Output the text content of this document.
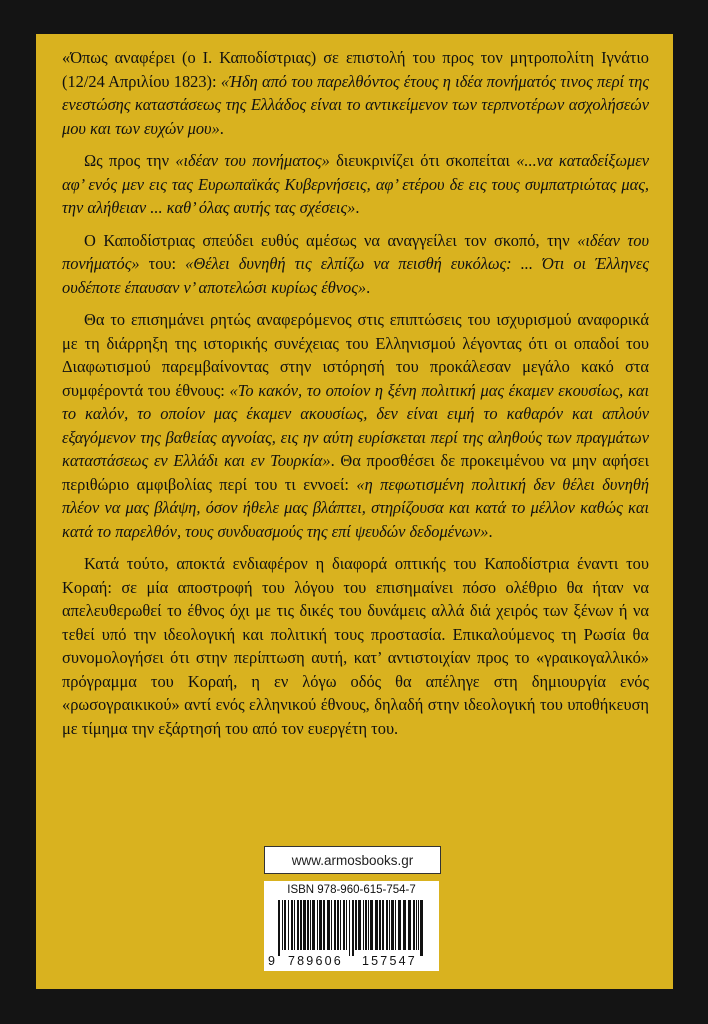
«Όπως αναφέρει (ο Ι. Καποδίστριας) σε επιστολή του προς τον μητροπολίτη Ιγνάτιο (12/24 Απριλίου 1823): «Ήδη από του παρελθόντος έτους η ιδέα πονήματός τινος περί της ενεστώσης καταστάσεως της Ελλάδος είναι το αντικείμενον των τερπνοτέρων ασχολήσεών μου και των ευχών μου».

Ως προς την «ιδέαν του πονήματος» διευκρινίζει ότι σκοπείται «...να καταδείξωμεν αφ’ ενός μεν εις τας Ευρωπαϊκάς Κυβερνήσεις, αφ’ ετέρου δε εις τους συμπατριώτας μας, την αλήθειαν ... καθ’ όλας αυτής τας σχέσεις».

Ο Καποδίστριας σπεύδει ευθύς αμέσως να αναγγείλει τον σκοπό, την «ιδέαν του πονήματός» του: «Θέλει δυνηθή τις ελπίζω να πεισθή ευκόλως: ... Ότι οι Έλληνες ουδέποτε έπαυσαν ν’ αποτελώσι κυρίως έθνος».

Θα το επισημάνει ρητώς αναφερόμενος στις επιπτώσεις του ισχυρισμού αναφορικά με τη διάρρηξη της ιστορικής συνέχειας του Ελληνισμού λέγοντας ότι οι οπαδοί του Διαφωτισμού παρεμβαίνοντας στην ιστόρησή του προκάλεσαν μεγάλο κακό στα συμφέροντά του έθνους: «Το κακόν, το οποίον η ξένη πολιτική μας έκαμεν εκουσίως, και το καλόν, το οποίον μας έκαμεν ακουσίως, δεν είναι ειμή το καθαρόν και απλούν εξαγόμενον της βαθείας αγνοίας, εις ην αύτη ευρίσκεται περί της αληθούς των πραγμάτων καταστάσεως εν Ελλάδι και εν Τουρκία». Θα προσθέσει δε προκειμένου να μην αφήσει περιθώριο αμφιβολίας περί του τι εννοεί: «η πεφωτισμένη πολιτική δεν θέλει δυνηθή πλέον να μας βλάψη, όσον ήθελε μας βλάπτει, στηρίζουσα και κατά το μέλλον καθώς και κατά το παρελθόν, τους συνδυασμούς της επί ψευδών δεδομένων».

Κατά τούτο, αποκτά ενδιαφέρον η διαφορά οπτικής του Καποδίστρια έναντι του Κοραή: σε μία αποστροφή του λόγου του επισημαίνει πόσο ολέθριο θα ήταν να απελευθερωθεί το έθνος όχι με τις δικές του δυνάμεις αλλά διά χειρός των ξένων ή να τεθεί υπό την ιδεολογική και πολιτική τους προστασία. Επικαλούμενος τη Ρωσία θα συνομολογήσει ότι στην περίπτωση αυτή, κατ’ αντιστοιχίαν προς το «γραικογαλλικό» πρόγραμμα του Κοραή, η εν λόγω οδός θα απέληγε στη δημιουργία ενός «ρωσογραικικού» αντί ενός ελληνικού έθνους, δηλαδή στην ιδεολογική του υποθήκευση με τίμημα την εξάρτησή του από τον ευεργέτη του.

www.armosbooks.gr
ISBN 978-960-615-754-7
9 789606 157547
